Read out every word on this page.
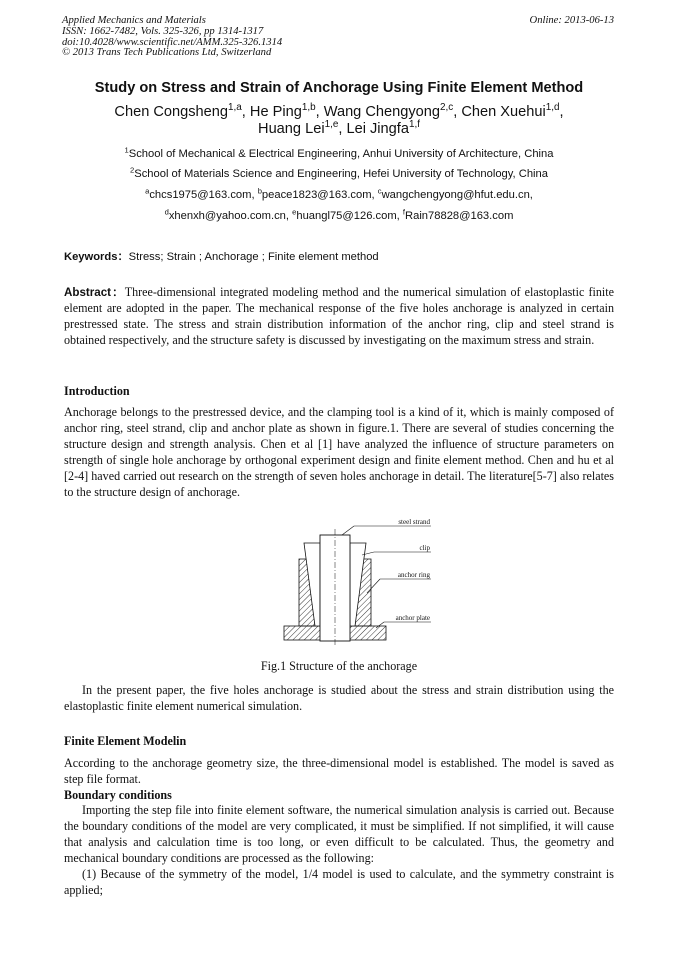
Applied Mechanics and Materials
ISSN: 1662-7482, Vols. 325-326, pp 1314-1317
doi:10.4028/www.scientific.net/AMM.325-326.1314
© 2013 Trans Tech Publications Ltd, Switzerland
Online: 2013-06-13
Study on Stress and Strain of Anchorage Using Finite Element Method
Chen Congsheng$^{1,a}$, He Ping$^{1,b}$, Wang Chengyong$^{2,c}$, Chen Xuehui$^{1,d}$,
Huang Lei$^{1,e}$, Lei Jingfa$^{1,f}$
$^1$School of Mechanical & Electrical Engineering, Anhui University of Architecture, China
$^2$School of Materials Science and Engineering, Hefei University of Technology, China
$^a$chcs1975@163.com, $^b$peace1823@163.com, $^c$wangchengyong@hfut.edu.cn,
$^d$xhenxh@yahoo.com.cn, $^e$huangl75@126.com, $^f$Rain78828@163.com
Keywords：Stress; Strain ; Anchorage ; Finite element method
Abstract：Three-dimensional integrated modeling method and the numerical simulation of elastoplastic finite element are adopted in the paper. The mechanical response of the five holes anchorage is analyzed in certain prestressed state. The stress and strain distribution information of the anchor ring, clip and steel strand is obtained respectively, and the structure safety is discussed by investigating on the maximum stress and strain.
Introduction
Anchorage belongs to the prestressed device, and the clamping tool is a kind of it, which is mainly composed of anchor ring, steel strand, clip and anchor plate as shown in figure.1. There are several of studies concerning the structure design and strength analysis. Chen et al [1] have analyzed the influence of structure parameters on strength of single hole anchorage by orthogonal experiment design and finite element method. Chen and hu et al [2-4] haved carried out research on the strength of seven holes anchorage in detail. The literature[5-7] also relates to the structure design of anchorage.
steel strand
clip
anchor ring
anchor plate
Fig.1 Structure of the anchorage
In the present paper, the five holes anchorage is studied about the stress and strain distribution using the elastoplastic finite element numerical simulation.
Finite Element Modelin
According to the anchorage geometry size, the three-dimensional model is established. The model is saved as step file format.
Boundary conditions
Importing the step file into finite element software, the numerical simulation analysis is carried out. Because the boundary conditions of the model are very complicated, it must be simplified. If not simplified, it will cause that analysis and calculation time is too long, or even difficult to be calculated. Thus, the geometry and mechanical boundary conditions are processed as the following:
(1) Because of the symmetry of the model, 1/4 model is used to calculate, and the symmetry constraint is applied;
